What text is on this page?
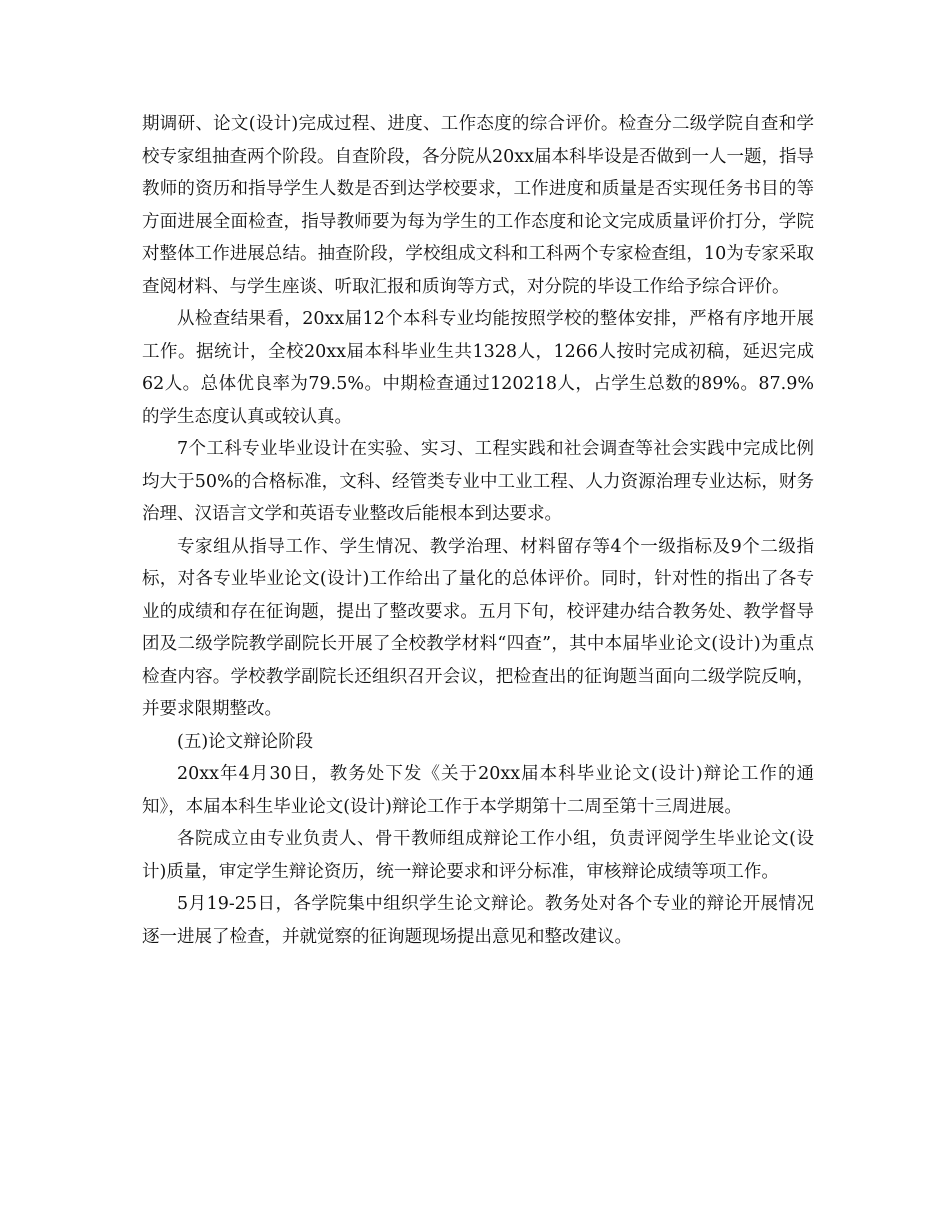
期调研、论文(设计)完成过程、进度、工作态度的综合评价。检查分二级学院自查和学校专家组抽查两个阶段。自查阶段，各分院从20xx届本科毕设是否做到一人一题，指导教师的资历和指导学生人数是否到达学校要求，工作进度和质量是否实现任务书目的等方面进展全面检查，指导教师要为每为学生的工作态度和论文完成质量评价打分，学院对整体工作进展总结。抽查阶段，学校组成文科和工科两个专家检查组，10为专家采取查阅材料、与学生座谈、听取汇报和质询等方式，对分院的毕设工作给予综合评价。

从检查结果看，20xx届12个本科专业均能按照学校的整体安排，严格有序地开展工作。据统计，全校20xx届本科毕业生共1328人，1266人按时完成初稿，延迟完成62人。总体优良率为79.5%。中期检查通过120218人，占学生总数的89%。87.9%的学生态度认真或较认真。

7个工科专业毕业设计在实验、实习、工程实践和社会调查等社会实践中完成比例均大于50%的合格标准，文科、经管类专业中工业工程、人力资源治理专业达标，财务治理、汉语言文学和英语专业整改后能根本到达要求。

专家组从指导工作、学生情况、教学治理、材料留存等4个一级指标及9个二级指标，对各专业毕业论文(设计)工作给出了量化的总体评价。同时，针对性的指出了各专业的成绩和存在征询题，提出了整改要求。五月下旬，校评建办结合教务处、教学督导团及二级学院教学副院长开展了全校教学材料“四查”，其中本届毕业论文(设计)为重点检查内容。学校教学副院长还组织召开会议，把检查出的征询题当面向二级学院反响，并要求限期整改。

(五)论文辩论阶段

20xx年4月30日，教务处下发《关于20xx届本科毕业论文(设计)辩论工作的通知》，本届本科生毕业论文(设计)辩论工作于本学期第十二周至第十三周进展。

各院成立由专业负责人、骨干教师组成辩论工作小组，负责评阅学生毕业论文(设计)质量，审定学生辩论资历，统一辩论要求和评分标准，审核辩论成绩等项工作。

5月19-25日，各学院集中组织学生论文辩论。教务处对各个专业的辩论开展情况逐一进展了检查，并就觉察的征询题现场提出意见和整改建议。
